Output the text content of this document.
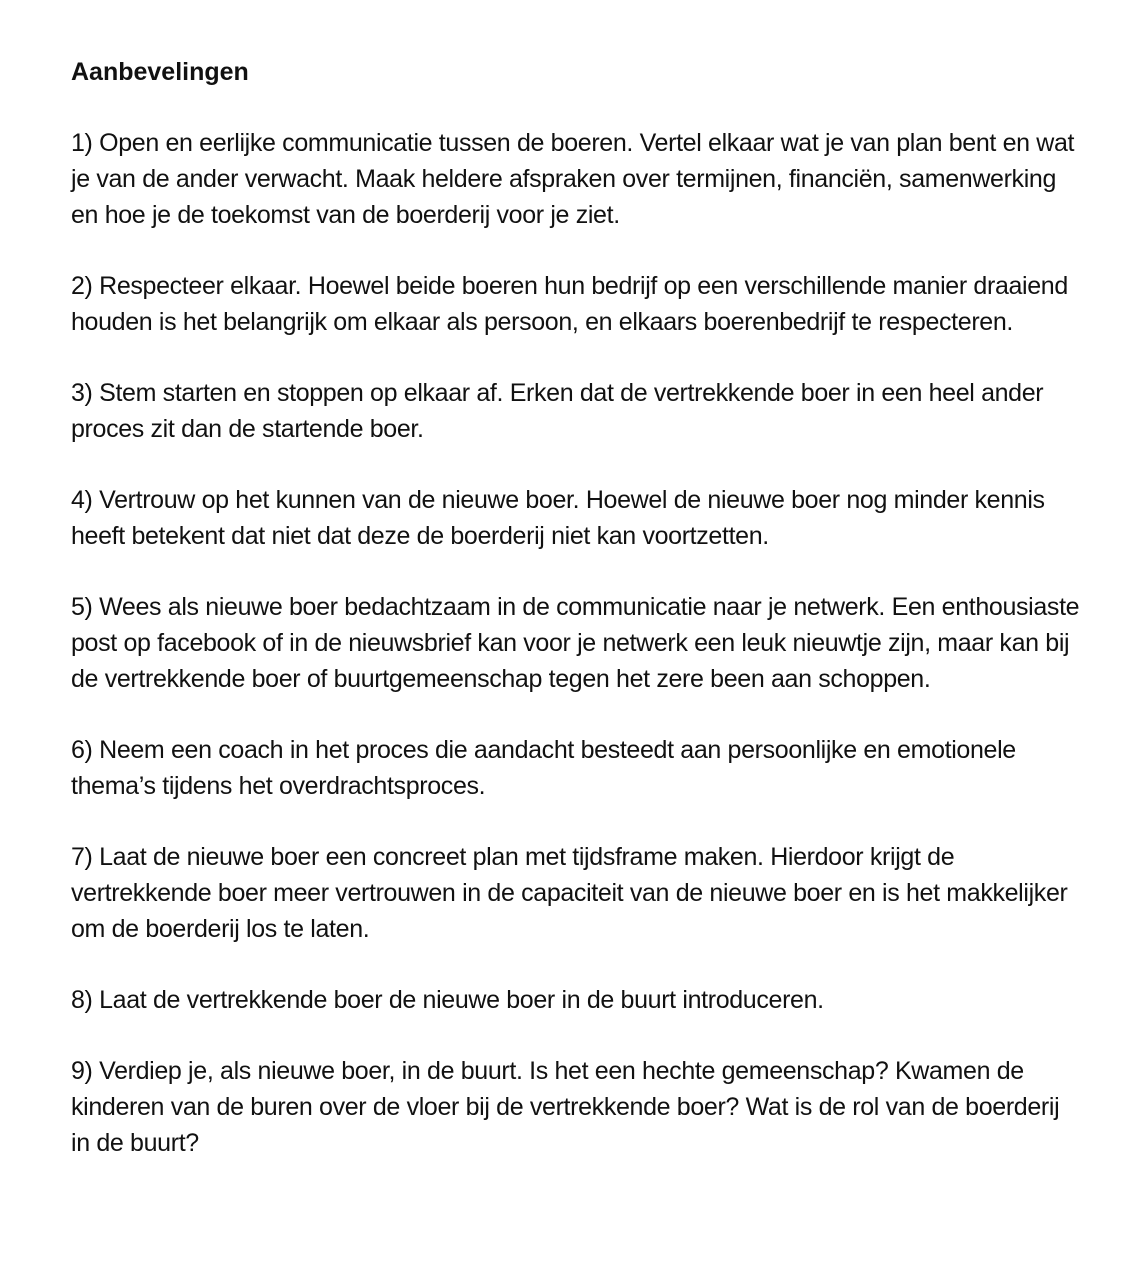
Aanbevelingen
1) Open en eerlijke communicatie tussen de boeren. Vertel elkaar wat je van plan bent en wat je van de ander verwacht. Maak heldere afspraken over termijnen, financiën, samenwerking en hoe je de toekomst van de boerderij voor je ziet.
2) Respecteer elkaar. Hoewel beide boeren hun bedrijf op een verschillende manier draaiend houden is het belangrijk om elkaar als persoon, en elkaars boerenbedrijf te respecteren.
3) Stem starten en stoppen op elkaar af. Erken dat de vertrekkende boer in een heel ander proces zit dan de startende boer.
4) Vertrouw op het kunnen van de nieuwe boer. Hoewel de nieuwe boer nog minder kennis heeft betekent dat niet dat deze de boerderij niet kan voortzetten.
5) Wees als nieuwe boer bedachtzaam in de communicatie naar je netwerk. Een enthousiaste post op facebook of in de nieuwsbrief kan voor je netwerk een leuk nieuwtje zijn, maar kan bij de vertrekkende boer of buurtgemeenschap tegen het zere been aan schoppen.
6) Neem een coach in het proces die aandacht besteedt aan persoonlijke en emotionele thema’s tijdens het overdrachtsproces.
7) Laat de nieuwe boer een concreet plan met tijdsframe maken. Hierdoor krijgt de vertrekkende boer meer vertrouwen in de capaciteit van de nieuwe boer en is het makkelijker om de boerderij los te laten.
8) Laat de vertrekkende boer de nieuwe boer in de buurt introduceren.
9) Verdiep je, als nieuwe boer, in de buurt. Is het een hechte gemeenschap? Kwamen de kinderen van de buren over de vloer bij de vertrekkende boer? Wat is de rol van de boerderij in de buurt?
